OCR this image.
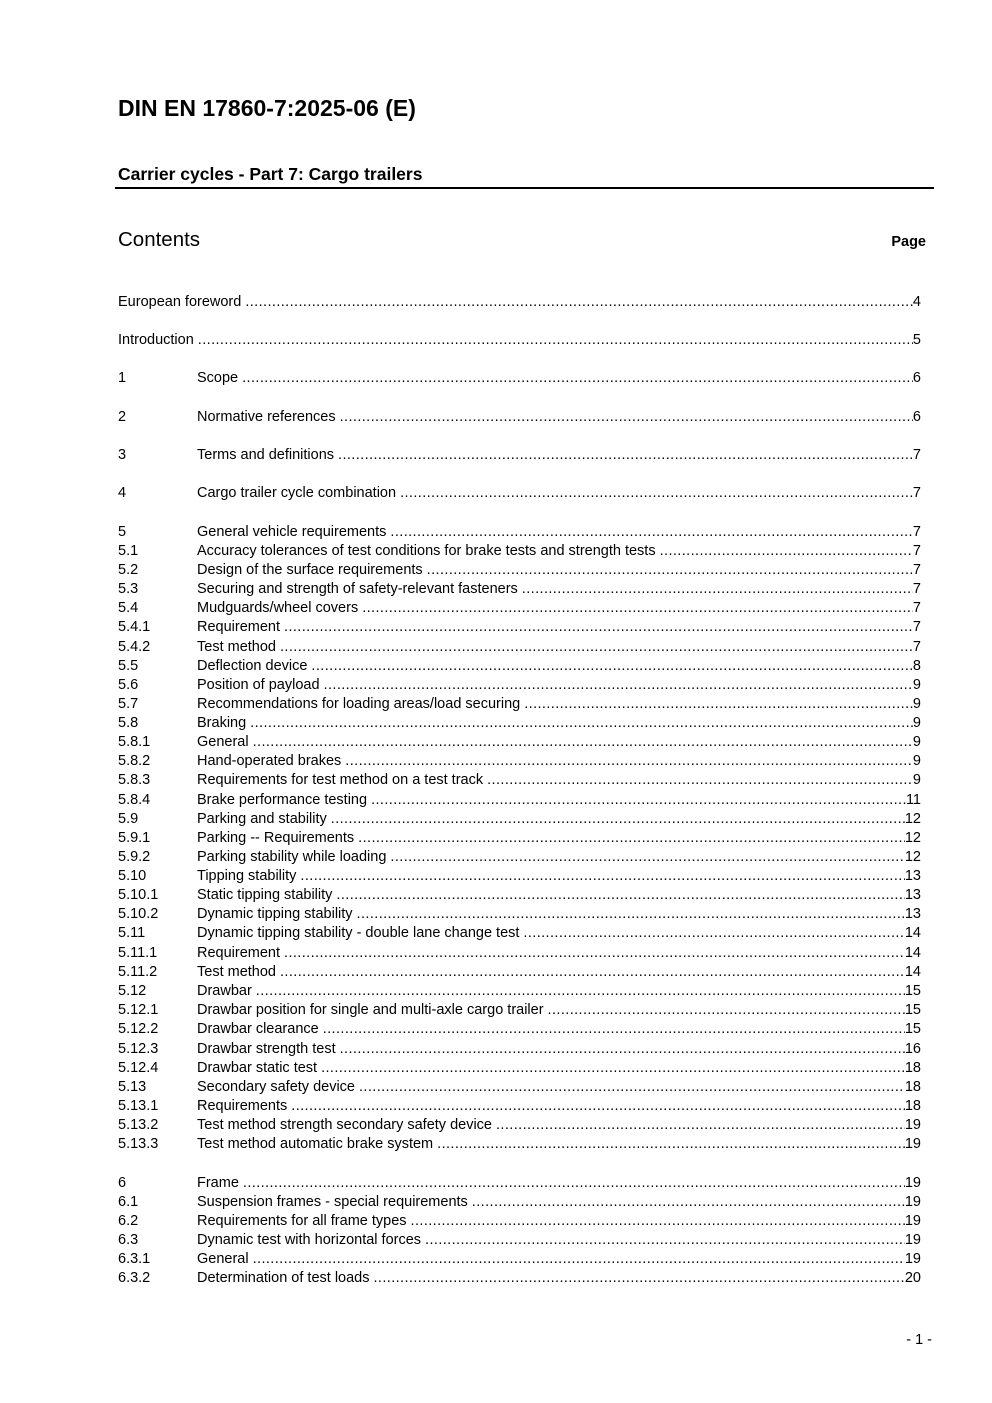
DIN EN 17860-7:2025-06 (E)
Carrier cycles - Part 7: Cargo trailers
Contents	Page
European foreword .....	4
Introduction .....	5
1	Scope .....	6
2	Normative references .....	6
3	Terms and definitions .....	7
4	Cargo trailer cycle combination .....	7
5	General vehicle requirements .....	7
5.1	Accuracy tolerances of test conditions for brake tests and strength tests .....	7
5.2	Design of the surface requirements .....	7
5.3	Securing and strength of safety-relevant fasteners .....	7
5.4	Mudguards/wheel covers .....	7
5.4.1	Requirement .....	7
5.4.2	Test method .....	7
5.5	Deflection device .....	8
5.6	Position of payload .....	9
5.7	Recommendations for loading areas/load securing .....	9
5.8	Braking .....	9
5.8.1	General .....	9
5.8.2	Hand-operated brakes .....	9
5.8.3	Requirements for test method on a test track .....	9
5.8.4	Brake performance testing .....	11
5.9	Parking and stability .....	12
5.9.1	Parking -- Requirements .....	12
5.9.2	Parking stability while loading .....	12
5.10	Tipping stability .....	13
5.10.1	Static tipping stability .....	13
5.10.2	Dynamic tipping stability .....	13
5.11	Dynamic tipping stability - double lane change test .....	14
5.11.1	Requirement .....	14
5.11.2	Test method .....	14
5.12	Drawbar .....	15
5.12.1	Drawbar position for single and multi-axle cargo trailer .....	15
5.12.2	Drawbar clearance .....	15
5.12.3	Drawbar strength test .....	16
5.12.4	Drawbar static test .....	18
5.13	Secondary safety device .....	18
5.13.1	Requirements .....	18
5.13.2	Test method strength secondary safety device .....	19
5.13.3	Test method automatic brake system .....	19
6	Frame .....	19
6.1	Suspension frames - special requirements .....	19
6.2	Requirements for all frame types .....	19
6.3	Dynamic test with horizontal forces .....	19
6.3.1	General .....	19
6.3.2	Determination of test loads .....	20
- 1 -
